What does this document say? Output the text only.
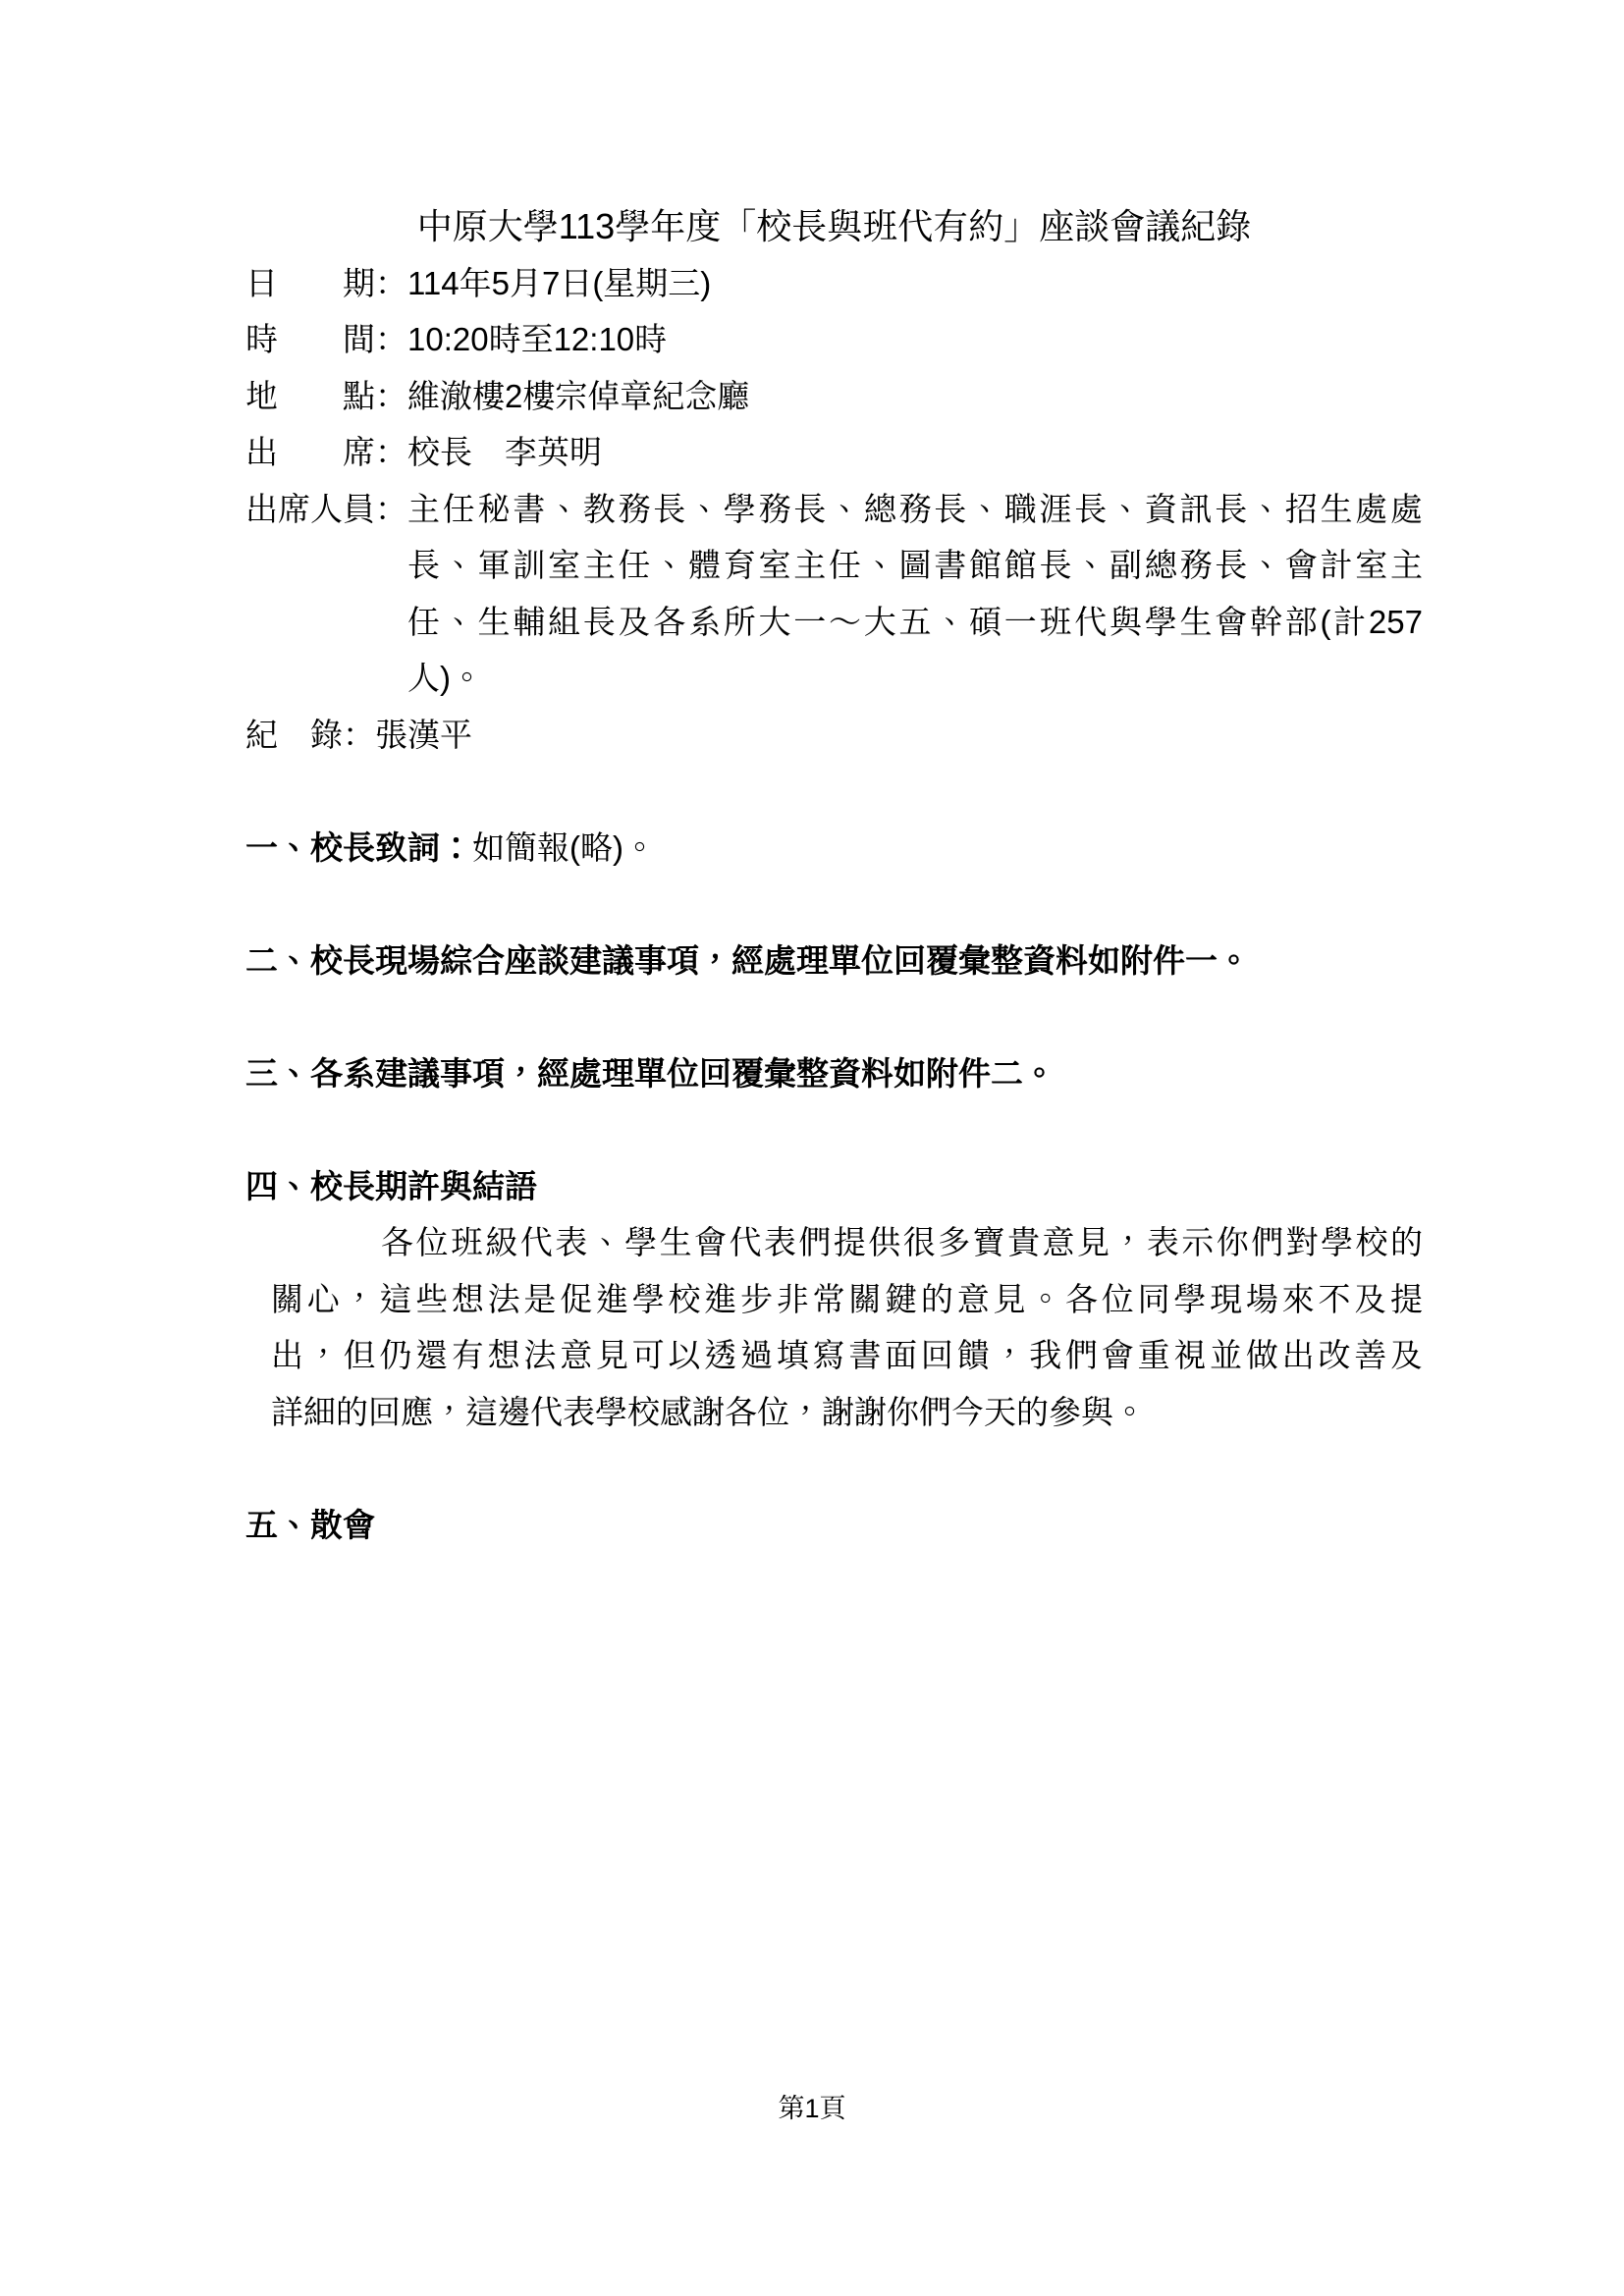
中原大學113學年度「校長與班代有約」座談會議紀錄
日　　期 ： 114年5月7日(星期三)
時　　間 ： 10:20時至12:10時
地　　點 ： 維澈樓2樓宗倬章紀念廳
出　　席 ： 校長　李英明
出席人員 ： 主任秘書、教務長、學務長、總務長、職涯長、資訊長、招生處處
長、軍訓室主任、體育室主任、圖書館館長、副總務長、會計室主
任、生輔組長及各系所大一～大五、碩一班代與學生會幹部(計257
人)。
紀　錄 ： 張漢平
一、校長致詞：如簡報(略)。
二、校長現場綜合座談建議事項，經處理單位回覆彙整資料如附件一。
三、各系建議事項，經處理單位回覆彙整資料如附件二。
四、校長期許與結語
各位班級代表、學生會代表們提供很多寶貴意見，表示你們對學校的
關心，這些想法是促進學校進步非常關鍵的意見。各位同學現場來不及提
出，但仍還有想法意見可以透過填寫書面回饋，我們會重視並做出改善及
詳細的回應，這邊代表學校感謝各位，謝謝你們今天的參與。
五、散會
第1頁
